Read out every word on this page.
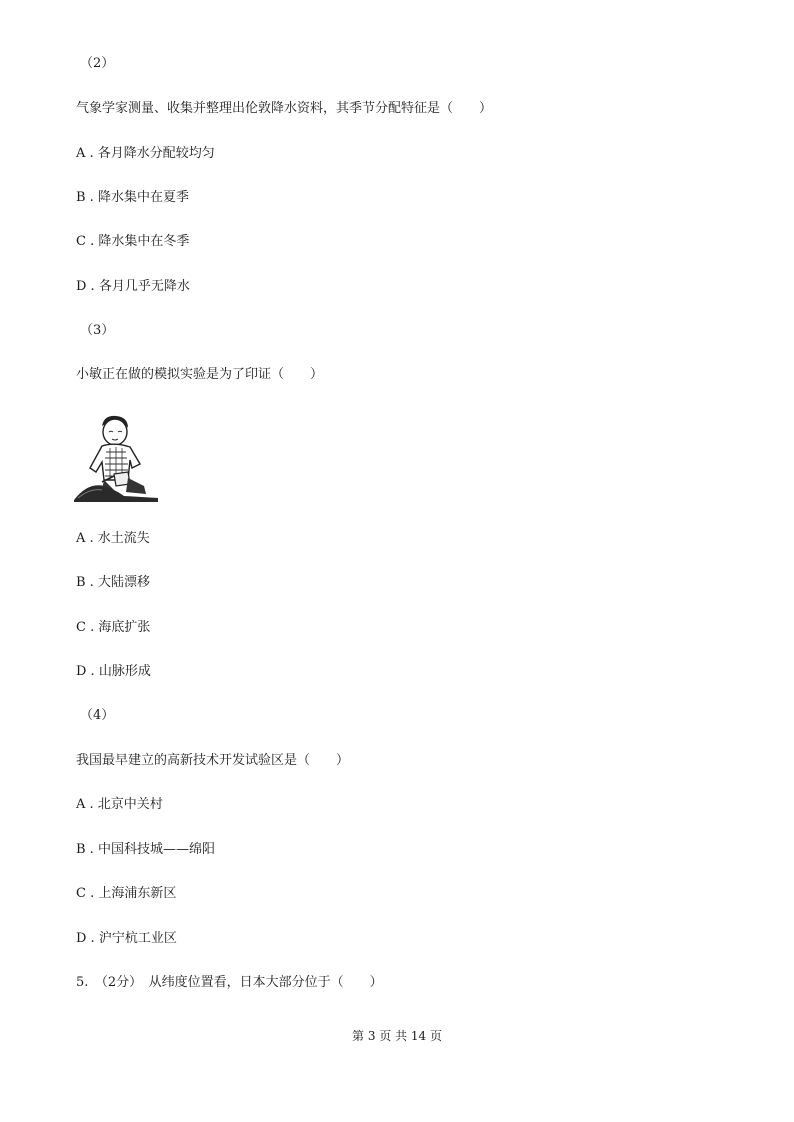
（2）
气象学家测量、收集并整理出伦敦降水资料，其季节分配特征是（　　）
A . 各月降水分配较均匀
B . 降水集中在夏季
C . 降水集中在冬季
D . 各月几乎无降水
（3）
小敏正在做的模拟实验是为了印证（　　）
A . 水土流失
B . 大陆漂移
C . 海底扩张
D . 山脉形成
（4）
我国最早建立的高新技术开发试验区是（　　）
A . 北京中关村
B . 中国科技城——绵阳
C . 上海浦东新区
D . 沪宁杭工业区
5.　（2分）　从纬度位置看，日本大部分位于（　　）
第 3 页 共 14 页
